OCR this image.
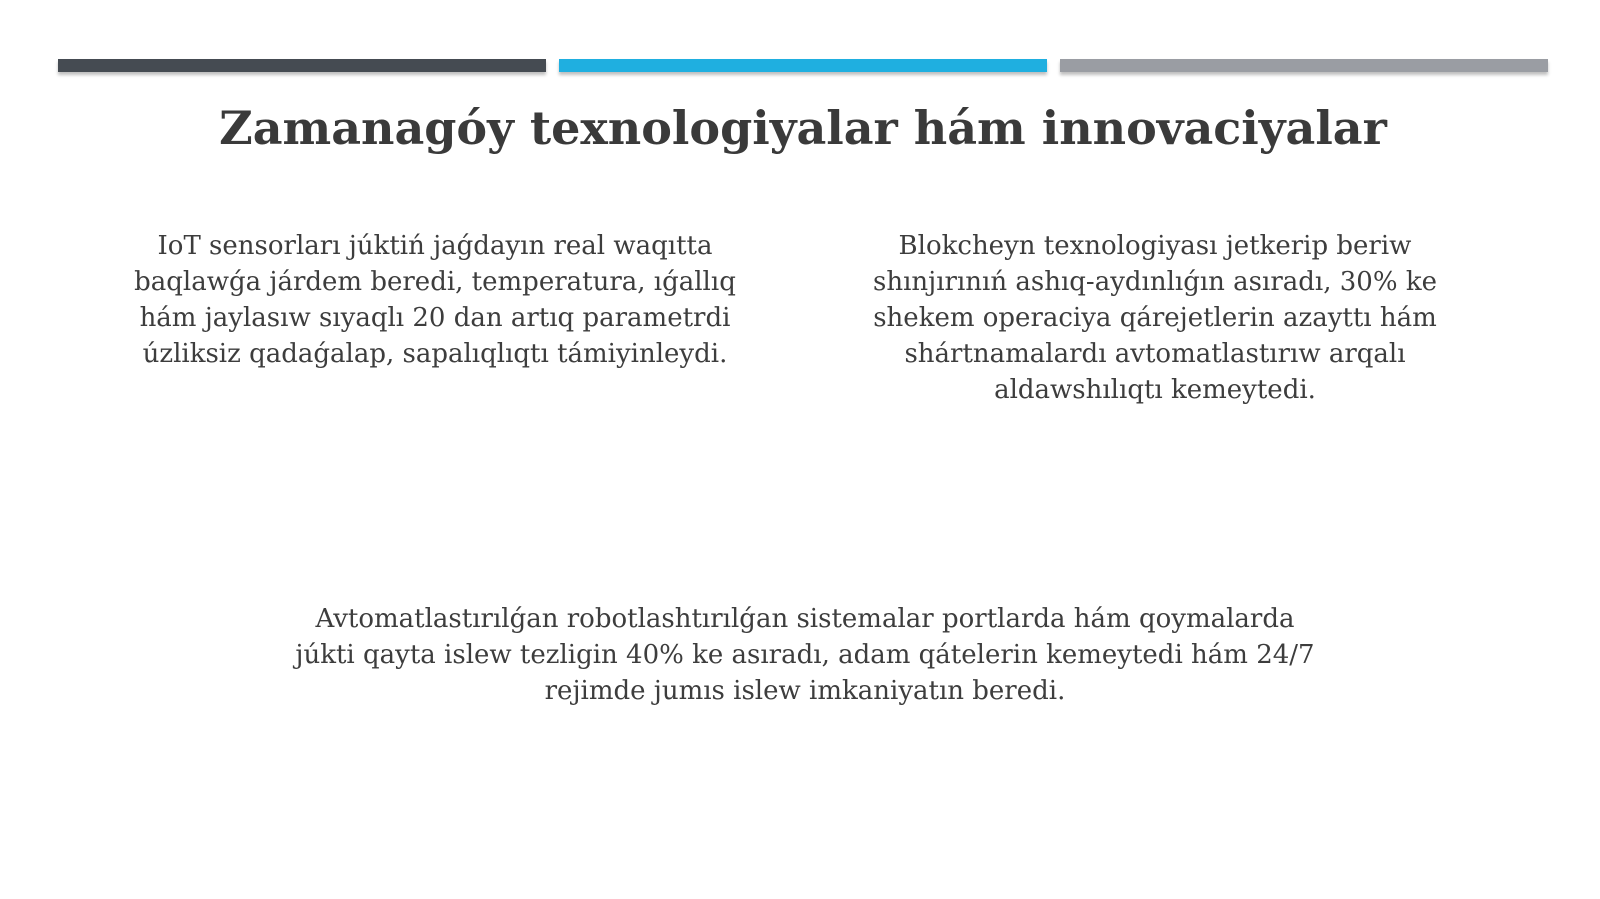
Zamanagóy texnologiyalar hám innovaciyalar

IoT sensorları júktiń jaǵdayın real waqıtta baqlawǵa járdem beredi, temperatura, ıǵallıq hám jaylasıw sıyaqlı 20 dan artıq parametrdi úzliksiz qadaǵalap, sapalıqlıqtı támiyinleydi.

Blokcheyn texnologiyası jetkerip beriw shınjırınıń ashıq-aydınlıǵın asıradı, 30% ke shekem operaciya qárejetlerin azayttı hám shártnamalardı avtomatlastırıw arqalı aldawshılıqtı kemeytedi.

Avtomatlastırılǵan robotlashtırılǵan sistemalar portlarda hám qoymalarda júkti qayta islew tezligin 40% ke asıradı, adam qátelerin kemeytedi hám 24/7 rejimde jumıs islew imkaniyatın beredi.
